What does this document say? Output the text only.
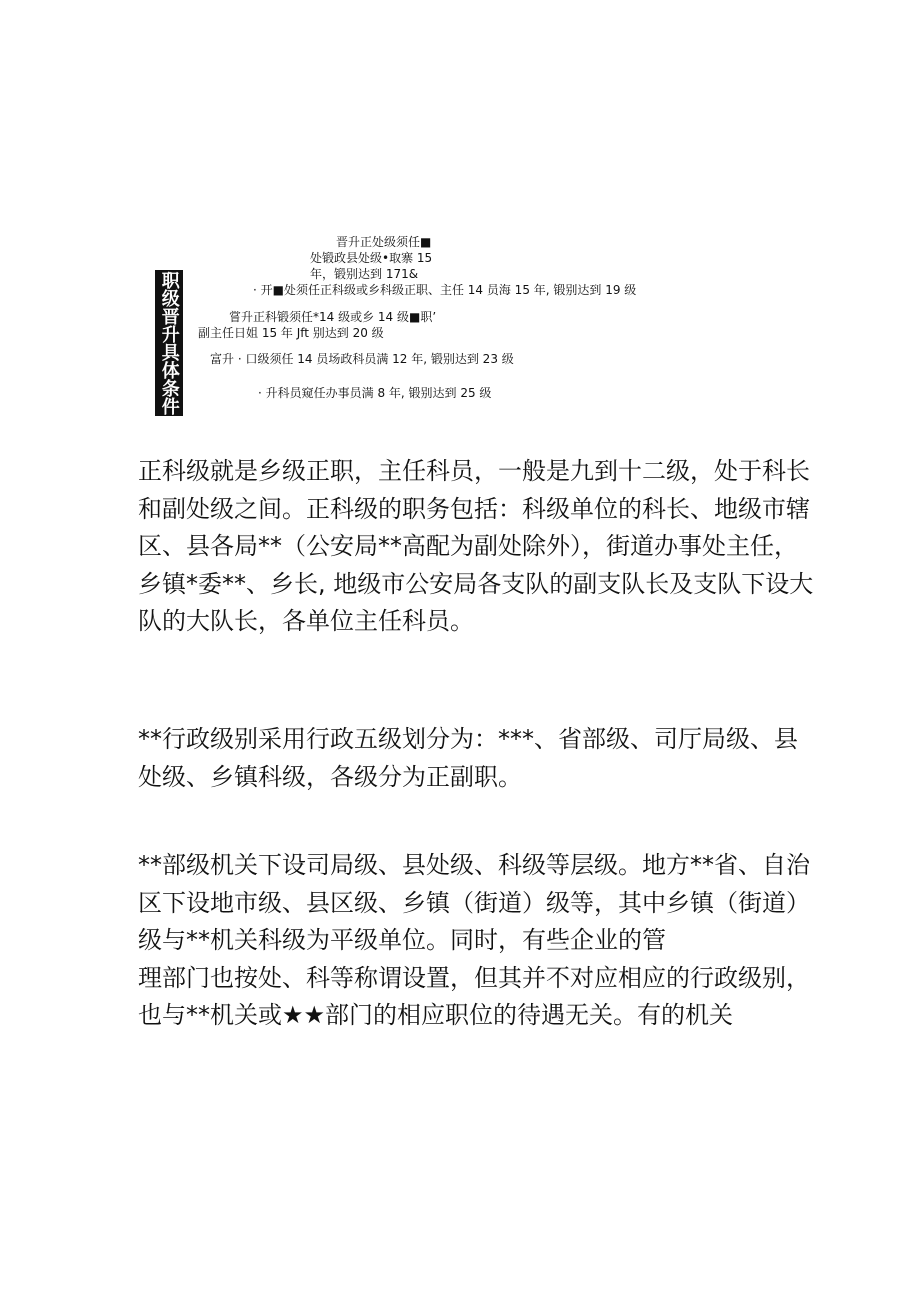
职级晋升具体条件
晋升正处级须任■
处锻政县处级•取寨 15
年，锻别达到 171&
· 开■处须任正科级或乡科级正职、主任 14 员海 15 年, 锻别达到 19 级
嘗升正科锻须任*14 级或乡 14 级■职’
副主任日姐 15 年 Jft 别达到 20 级
富升 · 口级须任 14 员场政科员满 12 年, 锻别达到 23 级
· 升科员窥任办事员满 8 年, 锻别达到 25 级
正科级就是乡级正职，主任科员，一般是九到十二级，处于科长
和副处级之间。正科级的职务包括：科级单位的科长、地级市辖
区、县各局**（公安局**高配为副处除外），街道办事处主任，
乡镇*委**、乡长, 地级市公安局各支队的副支队长及支队下设大
队的大队长，各单位主任科员。
**行政级别采用行政五级划分为：***、省部级、司厅局级、县
处级、乡镇科级，各级分为正副职。
**部级机关下设司局级、县处级、科级等层级。地方**省、自治
区下设地市级、县区级、乡镇（街道）级等，其中乡镇（街道）
级与**机关科级为平级单位。同时，有些企业的管
理部门也按处、科等称谓设置，但其并不对应相应的行政级别，
也与**机关或★★部门的相应职位的待遇无关。有的机关
